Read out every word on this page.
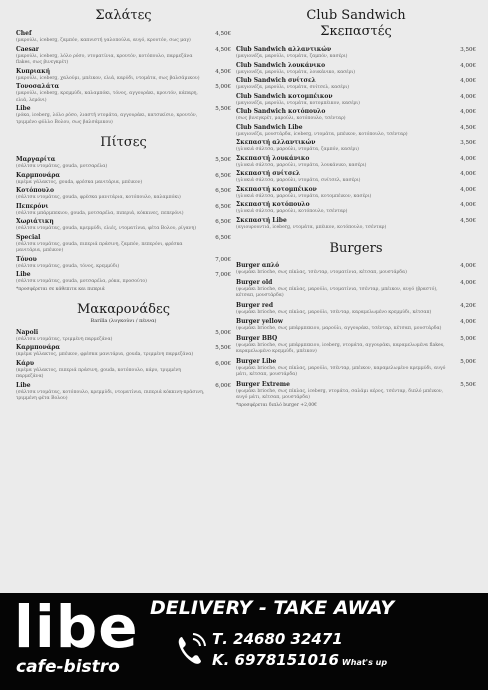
Σαλάτες
Chef
(μαρούλι, iceberg, ζαμπόν, καπνιστή γαλοπούλα, αυγό, κρουτόν, σως μαγ)
4,50€
Caesar
(μαρούλι, iceberg, λόλο ρόσο, ντοματίνια, κρουτόν, κοτόπουλο, παρμεζάνα flakes, σως βινεγκρέτ)
4,50€
Κυπριακή
(μαρούλι, iceberg, χαλούμι, μπέικον, ελιά, καρύδι, ντομάτα, σως βαλσάμικου)
4,50€
Τονοσαλάτα
(μαρούλι, iceberg, κρεμμύδι, καλαμπόκι, τόνος, αγγουράκι, κρουτόν, κάπαρη, ελιά, λεμόνι)
5,00€
Libe
(ρόκα, iceberg, λόλο ρόσο, λιαστή ντομάτα, αγγουράκι, κατσικίσιο, κρουτόν, τριμμένο φύλλο Βολου, σως βαλσάμικου)
5,50€
Πίτσες
Μαργαρίτα
(σάλτσα ντομάτας, gouda, μοτσαρέλα)
5,50€
Καρμπονάρα
(κρέμα γάλακτος, gouda, φρέσκα μανιτάρια, μπέικον)
6,50€
Κοτόπουλο
(σάλτσα ντομάτας, gouda, φρέσκα μανιτάρια, κοτόπουλο, καλαμπόκι)
6,50€
Πεπερόνι
(σάλτσα μπάρμπεκιου, gouda, μοτσαρέλα, πιπεριά, κόκκινες, πεπερόνι)
6,50€
Χωριάτικη
(σάλτσα ντομάτας, gouda, κρεμμύδι, ελιές, ντοματίνια, φέτα Βολου, ρίγανη)
6,50€
Special
(σάλτσα ντομάτας, gouda, πιπεριά πράσινη, ζαμπόν, πεπερόνι, φρέσκα μανιτάρια, μπέικον)
6,50€
Τόνου
(σάλτσα ντομάτας, gouda, τόνος, κρεμμύδι)
7,00€
Libe
(σάλτσα ντομάτας, gouda, μοτσαρέλα, ρόκα, προσούτο)
7,00€
*προσφέρεται σε κάθεπιτα και πιπεριά
Μακαρονάδες
Barilla (λυγκούνι / πέννα)
Napoli
(σάλτσα ντομάτας, τριμμένη παρμεζάνα)
5,00€
Καρμπονάρα
(κρέμα γάλακτος, μπέικον, φρέσκα μανιτάρια, gouda, τριμμένη παρμεζάνα)
5,50€
Κάρυ
(κρέμα γάλακτος, πιπεριά πράσινη, gouda, κοτόπουλο, κάρυ, τριμμένη παρμεζάνα)
6,00€
Libe
(σάλτσα ντομάτας, κοτόπουλο, κρεμμύδι, ντοματίνια, πιπεριά κόκκινη-πράσινη, τριμμένη φέτα Βολου)
6,00€
Club Sandwich
Σκεπαστές
Club Sandwich αλλαντικών
(μαγιονέζα, μαρούλι, ντομάτα, ζαμπόν, κασέρι)
3,50€
Club Sandwich λουκάνικο
(μαγιονέζα, μαρούλι, ντομάτα, λουκάνικο, κασέρι)
4,00€
Club Sandwich σνίτσελ
(μαγιονέζα, μαρούλι, ντομάτα, σνίτσελ, κασέρι)
4,00€
Club Sandwich κοτομπέικον
(μαγιονέζα, μαρούλι, ντομάτα, κοτομπέικον, κασέρι)
4,00€
Club Sandwich κοτόπουλο
(σως βινεγκρέτ, μαρούλι, κοτόπουλο, τσένταρ)
4,00€
Club Sandwich Libe
(μαγιονέζα, μουστάρδα, iceberg, ντομάτα, μπέικον, κοτόπουλο, τσένταρ)
4,50€
Σκεπαστή αλλαντικών
(γλυκιά σάλτσα, μαρούλι, ντομάτα, ζαμπόν, κασέρι)
3,50€
Σκεπαστή λουκάνικο
(γλυκιά σάλτσα, μαρούλι, ντομάτα, λουκάνικο, κασέρι)
4,00€
Σκεπαστή σνίτσελ
(γλυκιά σάλτσα, μαρούλι, ντομάτα, σνίτσελ, κασέρι)
4,00€
Σκεπαστή κοτομπέικον
(γλυκιά σάλτσα, μαρούλι, ντομάτα, κοτομπέικον, κασέρι)
4,00€
Σκεπαστή κοτόπουλο
(γλυκιά σάλτσα, μαρούλι, κοτόπουλο, τσένταρ)
4,00€
Σκεπαστή Libe
(αγιουρουντιά, iceberg, ντομάτα, μπέικον, κοτόπουλο, τσένταρ)
4,50€
Burgers
Burger απλό
(ψωμάκι brioche, σως πίκλας, τσένταρ, ντοματίνια, κέτσαπ, μουστάρδα)
4,00€
Burger old
(ψωμάκι brioche, σως πίκλας, μαρούλι, ντοματίνια, τσένταρ, μπέικον, αυγό (βραστό), κέτσαπ, μουστάρδα)
4,00€
Burger red
(ψωμάκι brioche, σως πίκλας, μαρούλι, τσένταρ, καραμελωμένο κρεμμύδι, κέτσαπ)
4,20€
Burger yellow
(ψωμάκι brioche, σως μπάρμπεκιου, μαρούλι, αγγουράκι, τσένταρ, κέτσαπ, μουστάρδα)
4,00€
Burger BBQ
(ψωμάκι brioche, σως μπάρμπεκιου, iceberg, ντομάτα, αγγουράκι, καραμελωμένα flakes, καραμελωμένο κρεμμύδι, μπέικον)
5,00€
Burger Libe
(ψωμάκι brioche, σως πίκλας, μαρούλι, τσένταρ, μπέικον, καραμελωμένο κρεμμύδι, αυγό μάτι, κέτσαπ, μουστάρδα)
5,00€
Burger Extreme
(ψωμάκι brioche, σως πίκλας, iceberg, ντομάτα, σαλάμι αέρος, τσένταρ, διπλό μπέικον, αυγό μάτι, κέτσαπ, μουστάρδα)
5,50€
*προσφέρεται διπλό burger +2,00€
libe
cafe-bistro
DELIVERY - TAKE AWAY
Τ. 24680 32471
Κ. 6978151016 What's up
